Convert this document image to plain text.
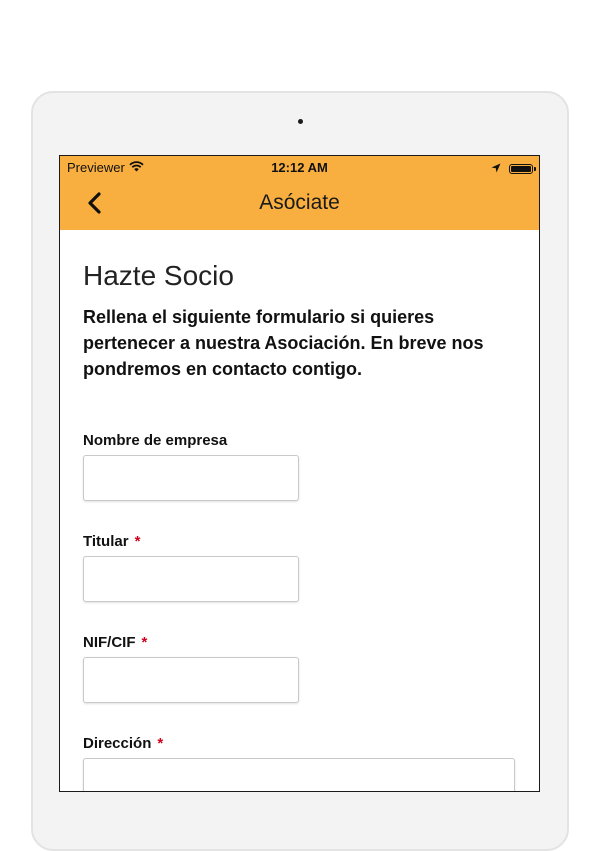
Previewer	12:12 AM
Asóciate
Hazte Socio

Rellena el siguiente formulario si quieres pertenecer a nuestra Asociación. En breve nos pondremos en contacto contigo.

Nombre de empresa
Titular *
NIF/CIF *
Dirección *
